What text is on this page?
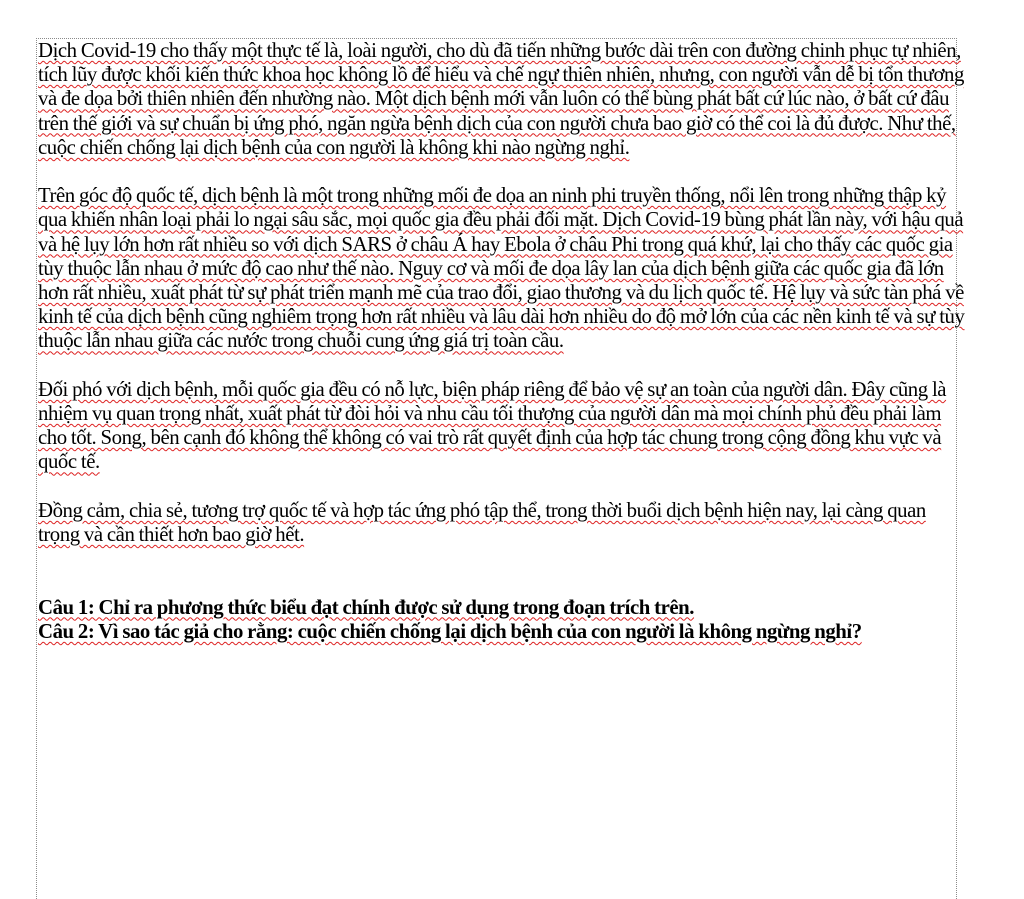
Dịch Covid-19 cho thấy một thực tế là, loài người, cho dù đã tiến những bước dài trên con đường chinh phục tự nhiên, tích lũy được khối kiến thức khoa học không lồ để hiểu và chế ngự thiên nhiên, nhưng, con người vẫn dễ bị tổn thương và đe dọa bởi thiên nhiên đến nhường nào. Một dịch bệnh mới vẫn luôn có thể bùng phát bất cứ lúc nào, ở bất cứ đâu trên thế giới và sự chuẩn bị ứng phó, ngăn ngừa bệnh dịch của con người chưa bao giờ có thể coi là đủ được. Như thế, cuộc chiến chống lại dịch bệnh của con người là không khi nào ngừng nghỉ.

Trên góc độ quốc tế, dịch bệnh là một trong những mối đe dọa an ninh phi truyền thống, nổi lên trong những thập kỷ qua khiến nhân loại phải lo ngại sâu sắc, mọi quốc gia đều phải đối mặt. Dịch Covid-19 bùng phát lần này, với hậu quả và hệ lụy lớn hơn rất nhiều so với dịch SARS ở châu Á hay Ebola ở châu Phi trong quá khứ, lại cho thấy các quốc gia tùy thuộc lẫn nhau ở mức độ cao như thế nào. Nguy cơ và mối đe dọa lây lan của dịch bệnh giữa các quốc gia đã lớn hơn rất nhiều, xuất phát từ sự phát triển mạnh mẽ của trao đổi, giao thương và du lịch quốc tế. Hệ lụy và sức tàn phá về kinh tế của dịch bệnh cũng nghiêm trọng hơn rất nhiều và lâu dài hơn nhiều do độ mở lớn của các nền kinh tế và sự tùy thuộc lẫn nhau giữa các nước trong chuỗi cung ứng giá trị toàn cầu.

Đối phó với dịch bệnh, mỗi quốc gia đều có nỗ lực, biện pháp riêng để bảo vệ sự an toàn của người dân. Đây cũng là nhiệm vụ quan trọng nhất, xuất phát từ đòi hỏi và nhu cầu tối thượng của người dân mà mọi chính phủ đều phải làm cho tốt. Song, bên cạnh đó không thể không có vai trò rất quyết định của hợp tác chung trong cộng đồng khu vực và quốc tế.

Đồng cảm, chia sẻ, tương trợ quốc tế và hợp tác ứng phó tập thể, trong thời buổi dịch bệnh hiện nay, lại càng quan trọng và cần thiết hơn bao giờ hết.

Câu 1: Chỉ ra phương thức biểu đạt chính được sử dụng trong đoạn trích trên.

Câu 2: Vì sao tác giả cho rằng: cuộc chiến chống lại dịch bệnh của con người là không ngừng nghỉ?
